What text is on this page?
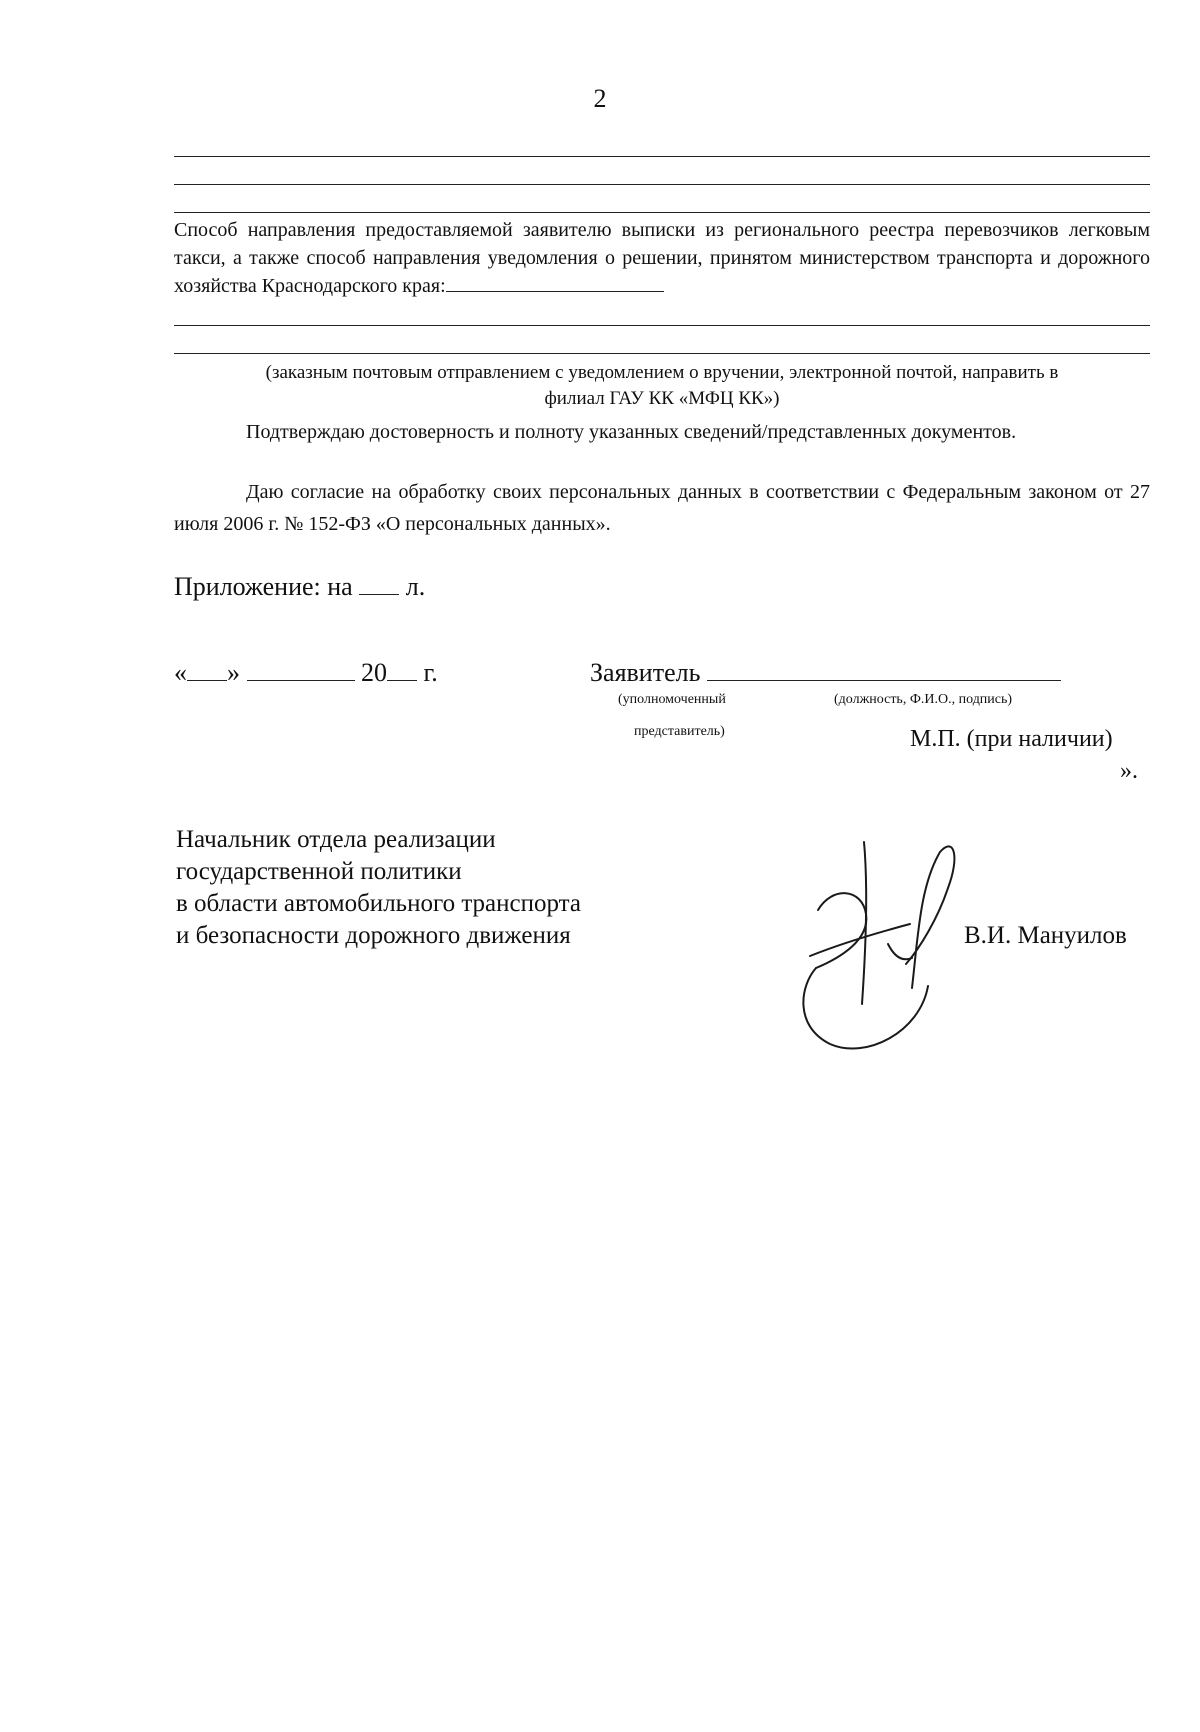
2
Способ направления предоставляемой заявителю выписки из регионального реестра перевозчиков легковым такси, а также способ направления уведомления о решении, принятом министерством транспорта и дорожного хозяйства Краснодарского края:
(заказным почтовым отправлением с уведомлением о вручении, электронной почтой, направить в
филиал ГАУ КК «МФЦ КК»)
Подтверждаю достоверность и полноту указанных сведений/представленных документов.
Даю согласие на обработку своих персональных данных в соответствии с Федеральным законом от 27 июля 2006 г. № 152-ФЗ «О персональных данных».
Приложение: на л.
« »	20 г.	Заявитель
(уполномоченный	(должность, Ф.И.О., подпись)
представитель)	М.П. (при наличии)
».
Начальник отдела реализации
государственной политики
в области автомобильного транспорта
и безопасности дорожного движения	В.И. Мануилов
